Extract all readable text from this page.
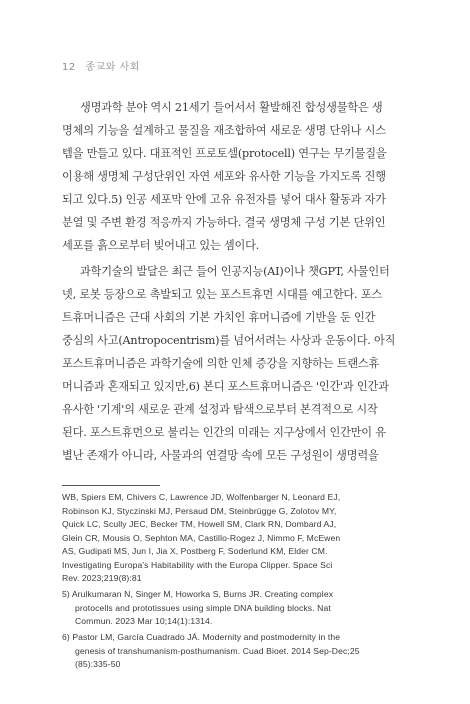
12 종교와 사회
생명과학 분야 역시 21세기 들어서서 활발해진 합성생물학은 생
명체의 기능을 설계하고 물질을 재조합하여 새로운 생명 단위나 시스
템을 만들고 있다. 대표적인 프로토셀(protocell) 연구는 무기물질을
이용해 생명체 구성단위인 자연 세포와 유사한 기능을 가지도록 진행
되고 있다.5) 인공 세포막 안에 고유 유전자를 넣어 대사 활동과 자가
분열 및 주변 환경 적응까지 가능하다. 결국 생명체 구성 기본 단위인
세포를 흙으로부터 빚어내고 있는 셈이다.
과학기술의 발달은 최근 들어 인공지능(AI)이나 챗GPT, 사물인터
넷, 로봇 등장으로 촉발되고 있는 포스트휴먼 시대를 예고한다. 포스
트휴머니즘은 근대 사회의 기본 가치인 휴머니즘에 기반을 둔 인간
중심의 사고(Antropocentrism)를 넘어서려는 사상과 운동이다. 아직
포스트휴머니즘은 과학기술에 의한 인체 증강을 지향하는 트랜스휴
머니즘과 혼재되고 있지만,6) 본디 포스트휴머니즘은 '인간'과 인간과
유사한 '기계'의 새로운 관계 설정과 탐색으로부터 본격적으로 시작
된다. 포스트휴먼으로 불리는 인간의 미래는 지구상에서 인간만이 유
별난 존재가 아니라, 사물과의 연결망 속에 모든 구성원이 생명력을
WB, Spiers EM, Chivers C, Lawrence JD, Wolfenbarger N, Leonard EJ,
Robinson KJ, Styczinski MJ, Persaud DM, Steinbrügge G, Zolotov MY,
Quick LC, Scully JEC, Becker TM, Howell SM, Clark RN, Dombard AJ,
Glein CR, Mousis O, Sephton MA, Castillo-Rogez J, Nimmo F, McEwen
AS, Gudipati MS, Jun I, Jia X, Postberg F, Soderlund KM, Elder CM.
Investigating Europa's Habitability with the Europa Clipper. Space Sci
Rev. 2023;219(8):81
5) Arulkumaran N, Singer M, Howorka S, Burns JR. Creating complex
protocells and prototissues using simple DNA building blocks. Nat
Commun. 2023 Mar 10;14(1):1314.
6) Pastor LM, García Cuadrado JÁ. Modernity and postmodernity in the
genesis of transhumanism-posthumanism. Cuad Bioet. 2014 Sep-Dec;25
(85):335-50
